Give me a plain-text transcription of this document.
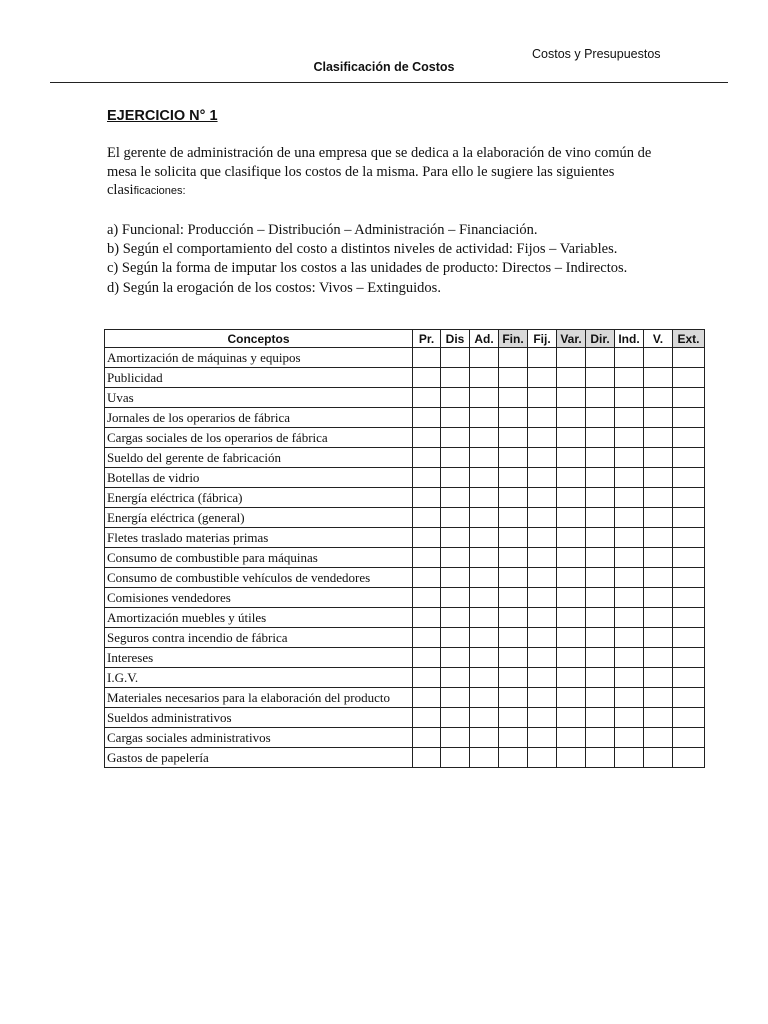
Costos y Presupuestos
Clasificación de Costos
EJERCICIO N° 1
El gerente de administración de una empresa que se dedica a la elaboración de vino común de mesa le solicita que clasifique los costos de la misma. Para ello le sugiere las siguientes clasificaciones:
a) Funcional: Producción – Distribución – Administración – Financiación.
b) Según el comportamiento del costo a distintos niveles de actividad: Fijos – Variables.
c) Según la forma de imputar los costos a las unidades de producto: Directos – Indirectos.
d) Según la erogación de los costos: Vivos – Extinguidos.
Conceptos	Pr.	Dis	Ad.	Fin.	Fij.	Var.	Dir.	Ind.	V.	Ext.
Amortización de máquinas y equipos										
Publicidad										
Uvas										
Jornales de los operarios de fábrica										
Cargas sociales de los operarios de fábrica										
Sueldo del gerente de fabricación										
Botellas de vidrio										
Energía eléctrica (fábrica)										
Energía eléctrica (general)										
Fletes traslado materias primas										
Consumo de combustible para máquinas										
Consumo de combustible vehículos de vendedores										
Comisiones vendedores										
Amortización muebles y útiles										
Seguros contra incendio de fábrica										
Intereses										
I.G.V.										
Materiales necesarios para la elaboración del producto										
Sueldos administrativos										
Cargas sociales administrativos										
Gastos de papelería										
